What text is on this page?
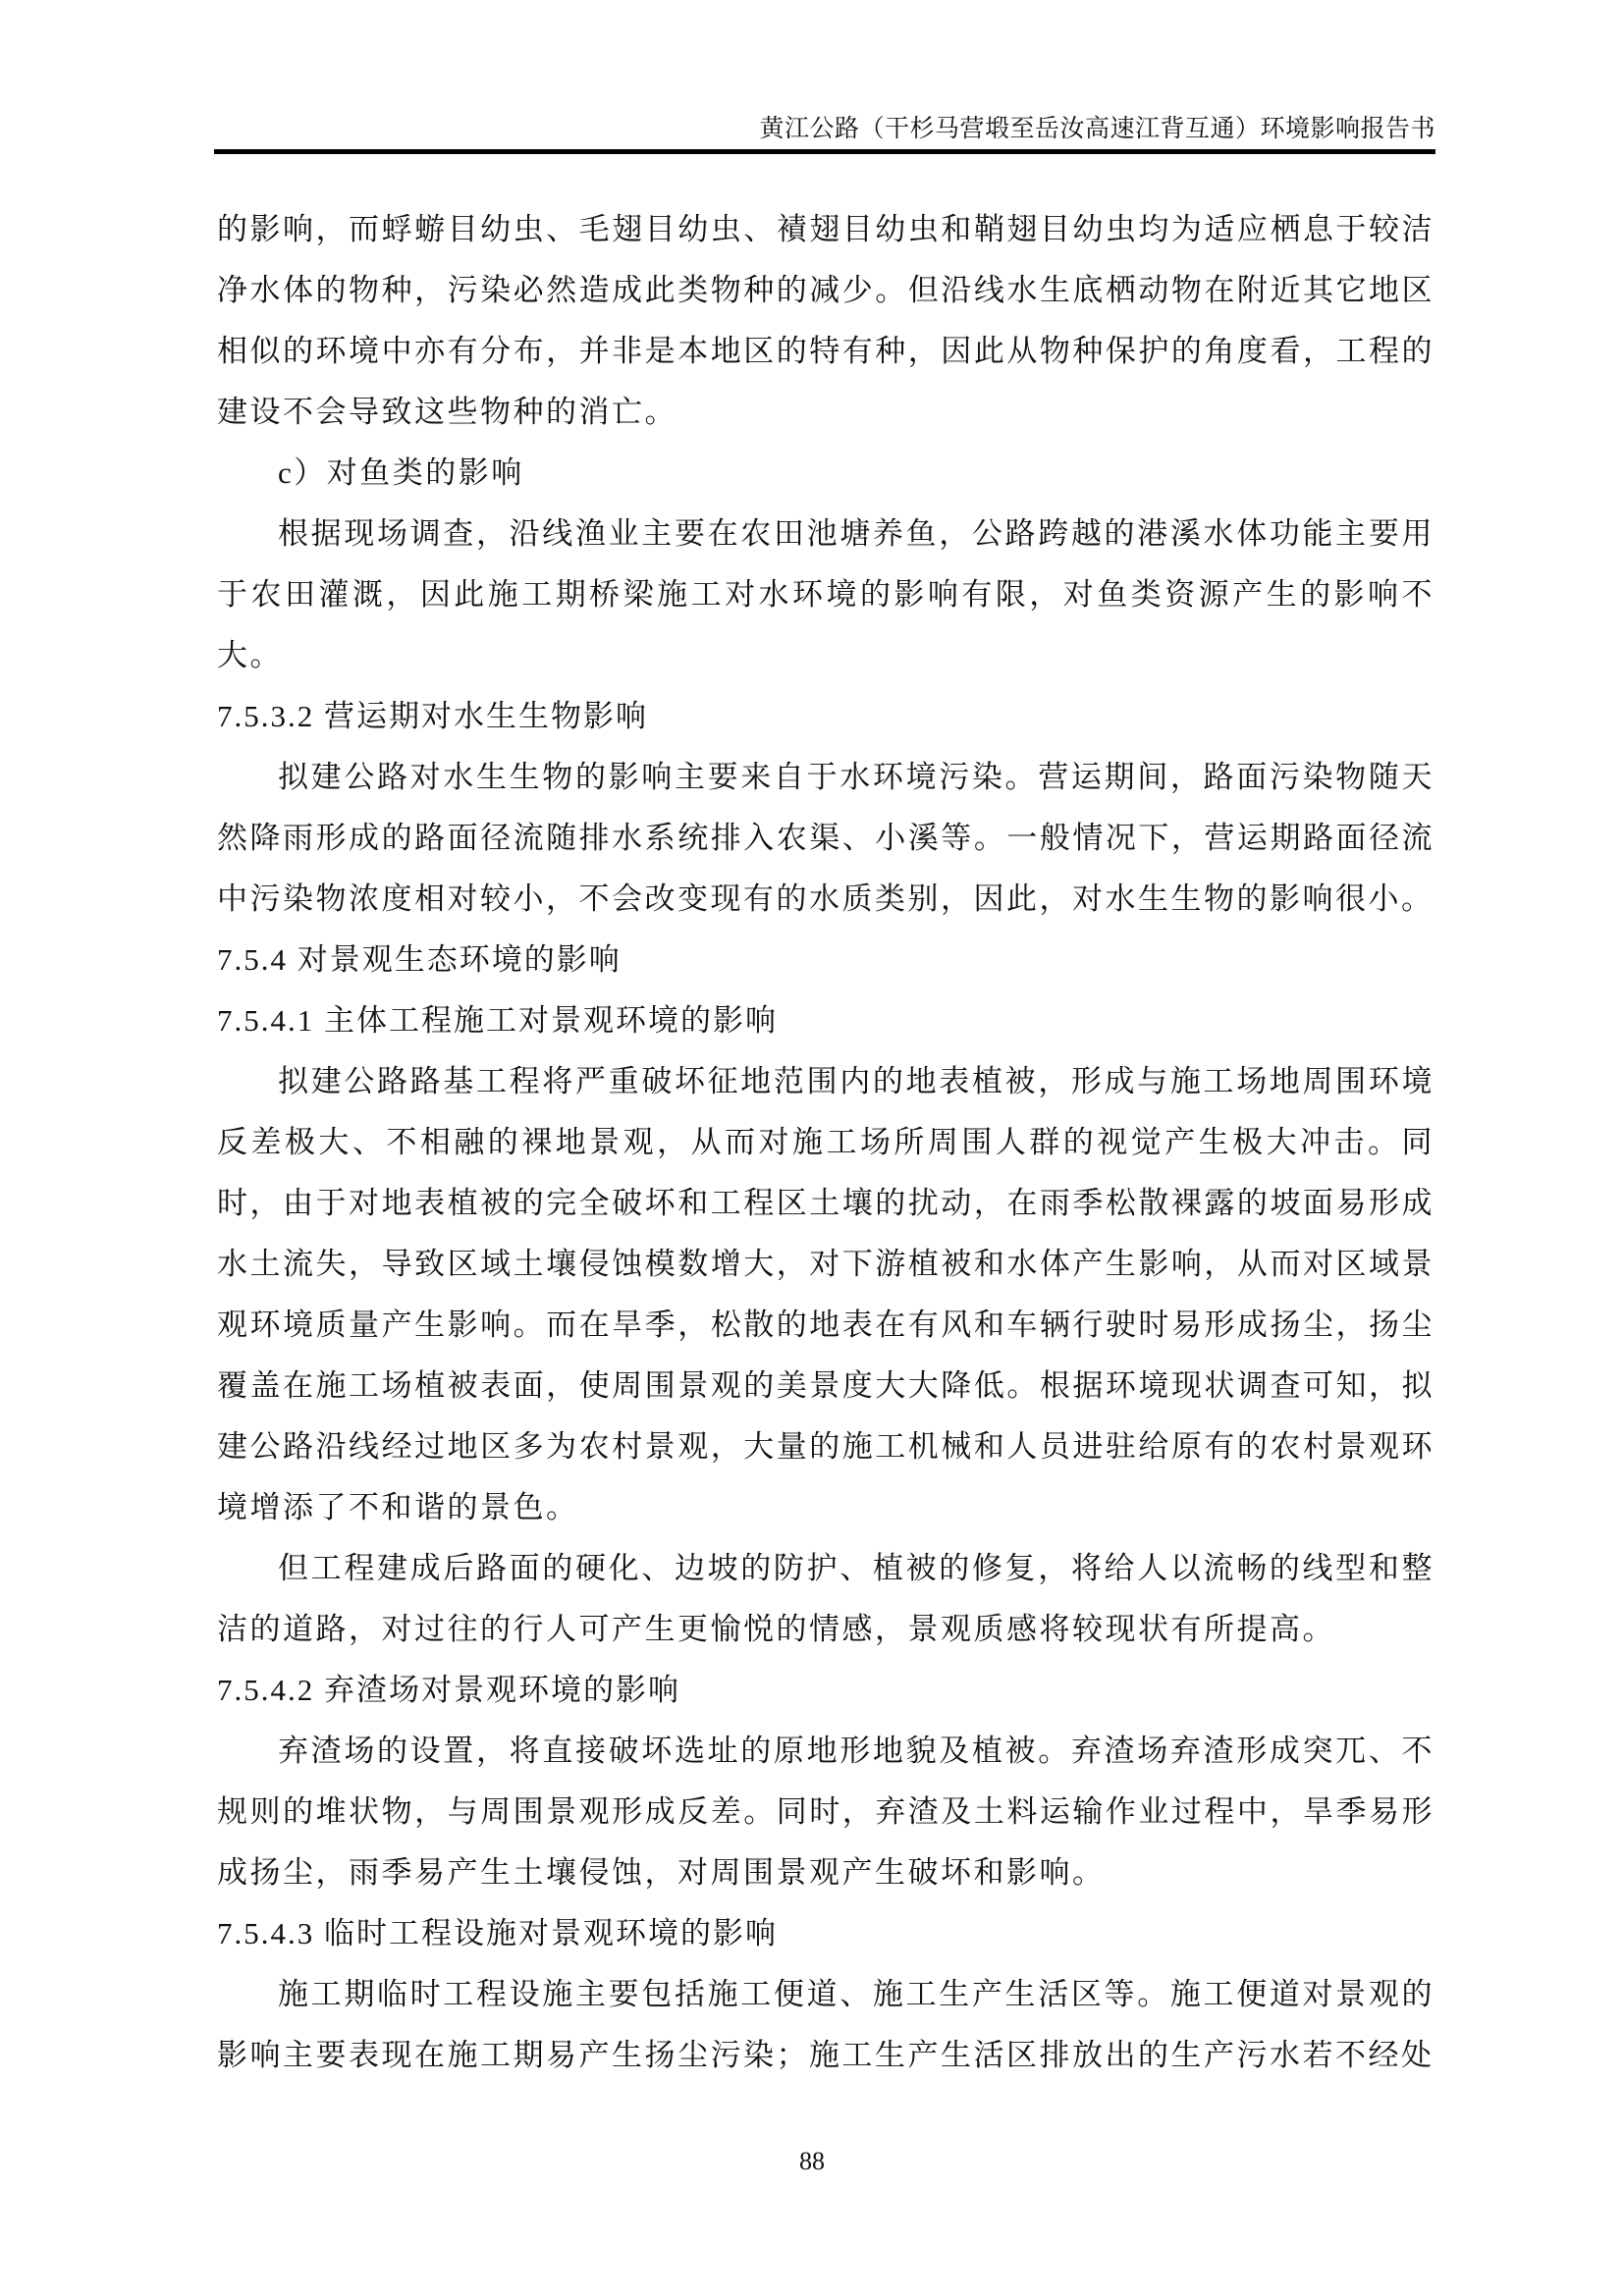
黄江公路（干杉马营塅至岳汝高速江背互通）环境影响报告书

的影响，而蜉蝣目幼虫、毛翅目幼虫、襀翅目幼虫和鞘翅目幼虫均为适应栖息于较洁净水体的物种，污染必然造成此类物种的减少。但沿线水生底栖动物在附近其它地区相似的环境中亦有分布，并非是本地区的特有种，因此从物种保护的角度看，工程的建设不会导致这些物种的消亡。

c）对鱼类的影响

根据现场调查，沿线渔业主要在农田池塘养鱼，公路跨越的港溪水体功能主要用于农田灌溉，因此施工期桥梁施工对水环境的影响有限，对鱼类资源产生的影响不大。

7.5.3.2 营运期对水生生物影响

拟建公路对水生生物的影响主要来自于水环境污染。营运期间，路面污染物随天然降雨形成的路面径流随排水系统排入农渠、小溪等。一般情况下，营运期路面径流中污染物浓度相对较小，不会改变现有的水质类别，因此，对水生生物的影响很小。

7.5.4 对景观生态环境的影响

7.5.4.1 主体工程施工对景观环境的影响

拟建公路路基工程将严重破坏征地范围内的地表植被，形成与施工场地周围环境反差极大、不相融的裸地景观，从而对施工场所周围人群的视觉产生极大冲击。同时，由于对地表植被的完全破坏和工程区土壤的扰动，在雨季松散裸露的坡面易形成水土流失，导致区域土壤侵蚀模数增大，对下游植被和水体产生影响，从而对区域景观环境质量产生影响。而在旱季，松散的地表在有风和车辆行驶时易形成扬尘，扬尘覆盖在施工场植被表面，使周围景观的美景度大大降低。根据环境现状调查可知，拟建公路沿线经过地区多为农村景观，大量的施工机械和人员进驻给原有的农村景观环境增添了不和谐的景色。

但工程建成后路面的硬化、边坡的防护、植被的修复，将给人以流畅的线型和整洁的道路，对过往的行人可产生更愉悦的情感，景观质感将较现状有所提高。

7.5.4.2 弃渣场对景观环境的影响

弃渣场的设置，将直接破坏选址的原地形地貌及植被。弃渣场弃渣形成突兀、不规则的堆状物，与周围景观形成反差。同时，弃渣及土料运输作业过程中，旱季易形成扬尘，雨季易产生土壤侵蚀，对周围景观产生破坏和影响。

7.5.4.3 临时工程设施对景观环境的影响

施工期临时工程设施主要包括施工便道、施工生产生活区等。施工便道对景观的影响主要表现在施工期易产生扬尘污染；施工生产生活区排放出的生产污水若不经处

88
